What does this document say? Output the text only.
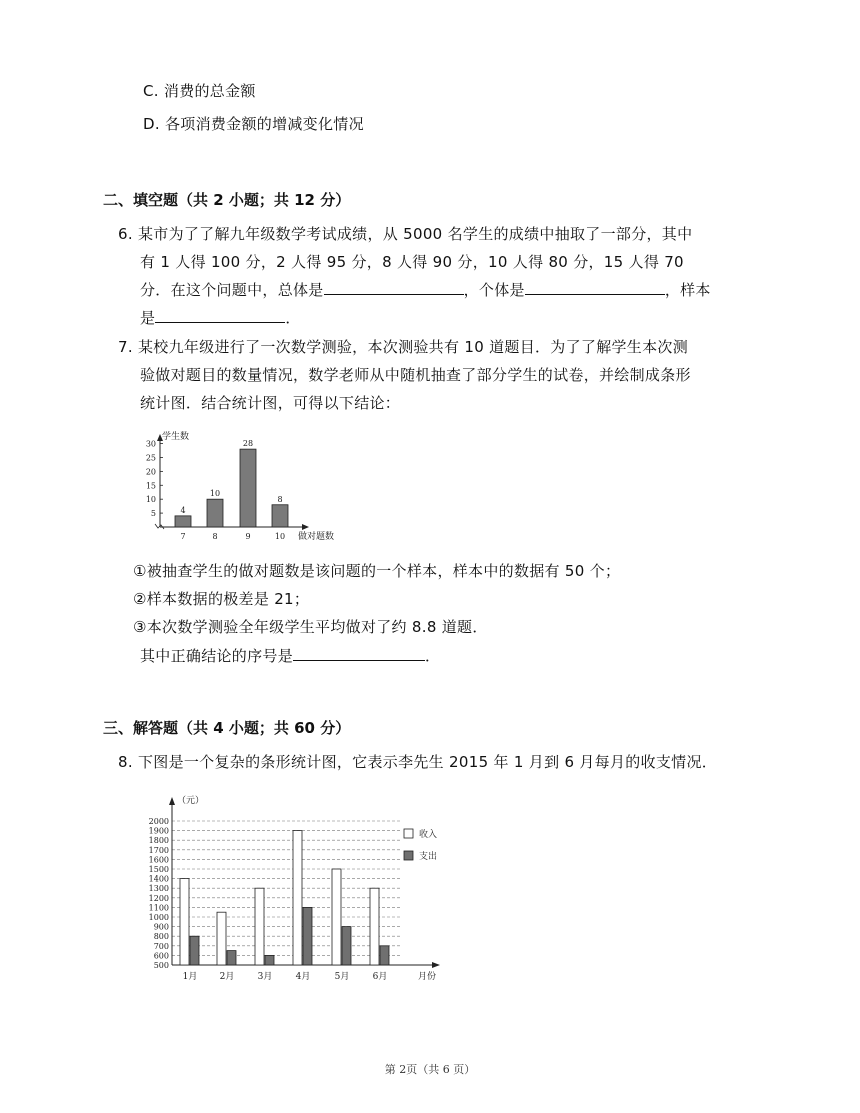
C. 消费的总金额
D. 各项消费金额的增减变化情况
二、填空题（共 2 小题；共 12 分）
6. 某市为了了解九年级数学考试成绩，从 5000 名学生的成绩中抽取了一部分，其中
有 1 人得 100 分，2 人得 95 分，8 人得 90 分，10 人得 80 分，15 人得 70
分．在这个问题中，总体是	，个体是	，样本
是	．
7. 某校九年级进行了一次数学测验，本次测验共有 10 道题目．为了了解学生本次测
验做对题目的数量情况，数学老师从中随机抽查了部分学生的试卷，并绘制成条形
统计图．结合统计图，可得以下结论：
5
10
15
20
25
30
学生数
4
7
10
8
28
9
8
10 做对题数
①被抽查学生的做对题数是该问题的一个样本，样本中的数据有 50 个；
②样本数据的极差是 21；
③本次数学测验全年级学生平均做对了约 8.8 道题．
其中正确结论的序号是	．
三、解答题（共 4 小题；共 60 分）
8. 下图是一个复杂的条形统计图，它表示李先生 2015 年 1 月到 6 月每月的收支情况．
500
600
700
800
900
1000
1100
1200
1300
1400
1500
1600
1700
1800
1900
2000
（元）
月份
1月 2月	3月	4月	5月	6月
收入
支出
第 2页（共 6 页）
